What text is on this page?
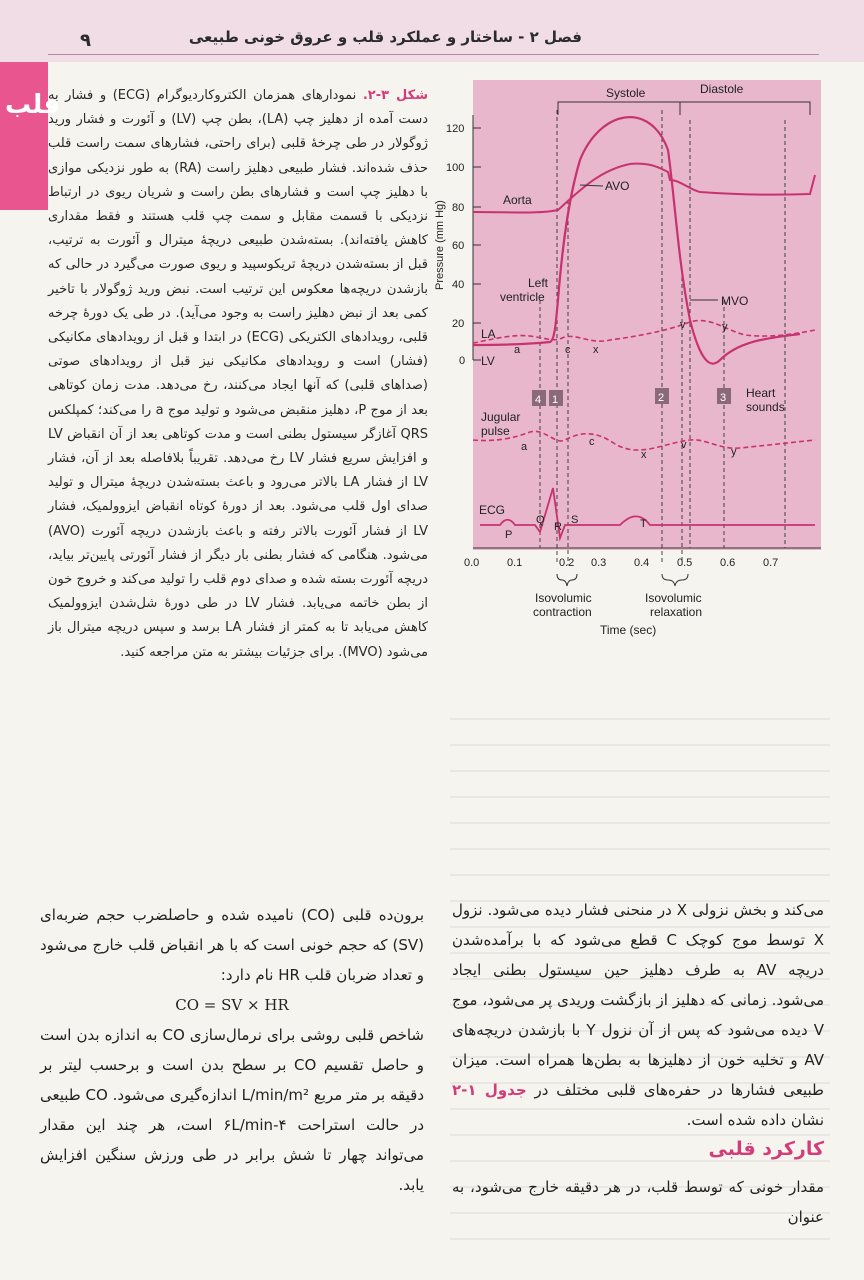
فصل ۲ - ساختار و عملکرد قلب و عروق خونی طبیعی
۹
قلب	شکل ۳-۲. نمودارهای همزمان الکتروکاردیوگرام (ECG) و فشار به دست آمده از دهلیز چپ (LA)، بطن چپ (LV) و آئورت و فشار ورید ژوگولار در طی چرخهٔ قلبی (برای راحتی، فشارهای سمت راست قلب حذف شده‌اند. فشار طبیعی دهلیز راست (RA) به طور نزدیکی موازی با دهلیز چپ است و فشارهای بطن راست و شریان ریوی در ارتباط نزدیکی با قسمت مقابل و سمت چپ قلب هستند و فقط مقداری کاهش یافته‌اند). بسته‌شدن طبیعی دریچهٔ میترال و آئورت به ترتیب، قبل از بسته‌شدن دریچهٔ تریکوسپید و ریوی صورت می‌گیرد در حالی که بازشدن دریچه‌ها معکوس این ترتیب است. نبض ورید ژوگولار با تاخیر کمی بعد از نبض دهلیز راست به وجود می‌آید). در طی یک دورهٔ چرخه قلبی، رویدادهای الکتریکی (ECG) در ابتدا و قبل از رویدادهای مکانیکی (فشار) است و رویدادهای مکانیکی نیز قبل از رویدادهای صوتی (صداهای قلبی) که آنها ایجاد می‌کنند، رخ می‌دهد. مدت زمان کوتاهی بعد از موج P، دهلیز منقبض می‌شود و تولید موج a را می‌کند؛ کمپلکس QRS آغازگر سیستول بطنی است و مدت کوتاهی بعد از آن انقباض LV و افزایش سریع فشار LV رخ می‌دهد. تقریباً بلافاصله بعد از آن، فشار LV از فشار LA بالاتر می‌رود و باعث بسته‌شدن دریچهٔ میترال و تولید صدای اول قلب می‌شود. بعد از دورهٔ کوتاه انقباض ایزوولمیک، فشار LV از فشار آئورت بالاتر رفته و باعث بازشدن دریچه آئورت (AVO) می‌شود. هنگامی که فشار بطنی بار دیگر از فشار آئورتی پایین‌تر بیاید، دریچه آئورت بسته شده و صدای دوم قلب را تولید می‌کند و خروج خون از بطن خاتمه می‌یابد. فشار LV در طی دورهٔ شل‌شدن ایزوولمیک کاهش می‌یابد تا به کمتر از فشار LA برسد و سپس دریچه میترال باز می‌شود (MVO). برای جزئیات بیشتر به متن مراجعه کنید.
Systole	Diastole
120
100
80
60
40
20
0
Pressure (mm Hg)
Aorta
AVO
Left
ventricle	MVO
LA
LV
a	c x
v	y
4 1	2	3 Heart
sounds
Jugular
pulse
a	c
x
v
y
ECG
P
Q
R
S	T
0.0	0.1	0.2 0.3	0.4	0.5	0.6	0.7
Isovolumic
contraction
Isovolumic
relaxation
Time (sec)
می‌کند و بخش نزولی X در منحنی فشار دیده می‌شود. نزول X توسط موج کوچک C قطع می‌شود که با برآمده‌شدن دریچه AV به طرف دهلیز حین سیستول بطنی ایجاد می‌شود. زمانی که دهلیز از بازگشت وریدی پر می‌شود، موج V دیده می‌شود که پس از آن نزول Y با بازشدن دریچه‌های AV و تخلیه خون از دهلیزها به بطن‌ها همراه است. میزان طبیعی فشارها در حفره‌های قلبی مختلف در جدول ۱-۲ نشان داده شده است.
برون‌ده قلبی (CO) نامیده شده و حاصلضرب حجم ضربه‌ای (SV) که حجم خونی است که با هر انقباض قلب خارج می‌شود و تعداد ضربان قلب HR نام دارد:
CO = SV × HR
شاخص قلبی روشی برای نرمال‌سازی CO به اندازه بدن است و حاصل تقسیم CO بر سطح بدن است و برحسب لیتر بر دقیقه بر متر مربع L/min/m² اندازه‌گیری می‌شود. CO طبیعی در حالت استراحت ۴-۶L/min است، هر چند این مقدار می‌تواند چهار تا شش برابر در طی ورزش سنگین افزایش یابد.
کارکرد قلبی
مقدار خونی که توسط قلب، در هر دقیقه خارج می‌شود، به عنوان
